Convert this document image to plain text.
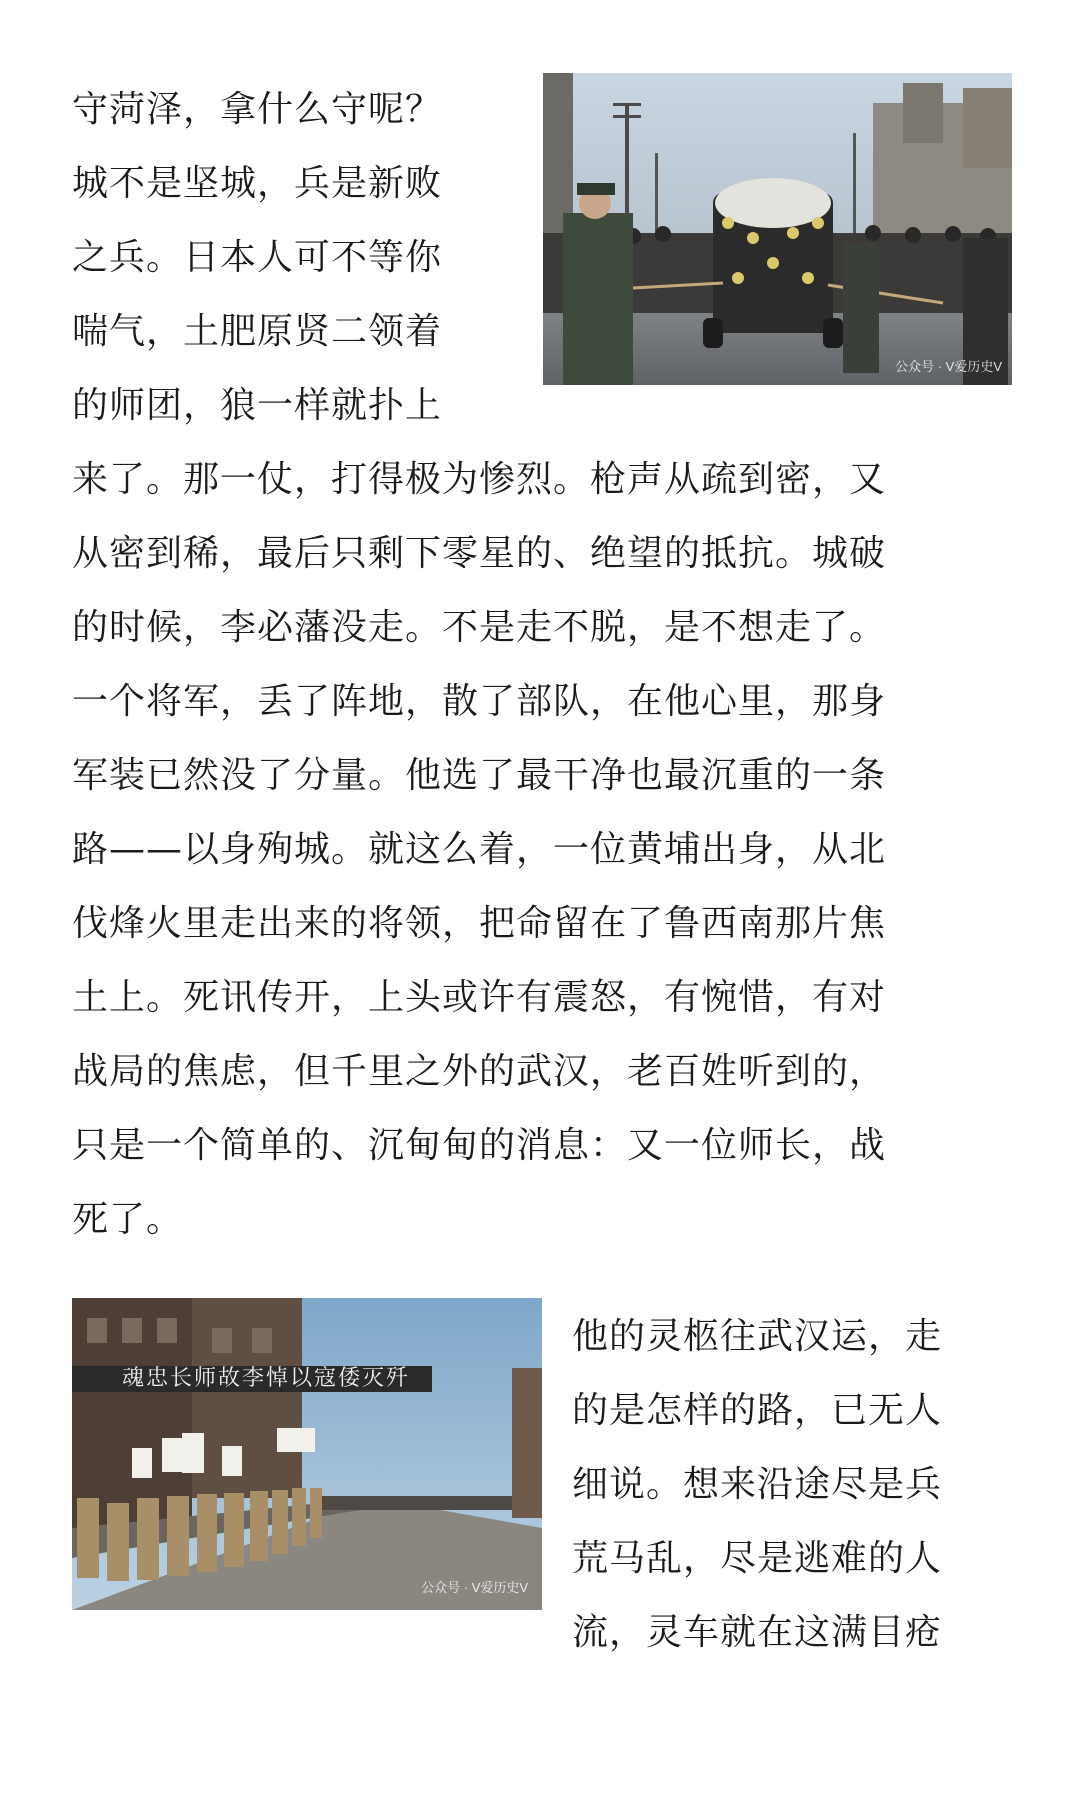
守菏泽，拿什么守呢？
城不是坚城，兵是新败
之兵。日本人可不等你
喘气，土肥原贤二领着
的师团，狼一样就扑上

公众号 · V爱历史V

来了。那一仗，打得极为惨烈。枪声从疏到密，又
从密到稀，最后只剩下零星的、绝望的抵抗。城破
的时候，李必藩没走。不是走不脱，是不想走了。
一个将军，丢了阵地，散了部队，在他心里，那身
军装已然没了分量。他选了最干净也最沉重的一条
路——以身殉城。就这么着，一位黄埔出身，从北
伐烽火里走出来的将领，把命留在了鲁西南那片焦
土上。死讯传开，上头或许有震怒，有惋惜，有对
战局的焦虑，但千里之外的武汉，老百姓听到的，
只是一个简单的、沉甸甸的消息：又一位师长，战
死了。

魂忠长师故李悼以寇倭灭歼
公众号 · V爱历史V

他的灵柩往武汉运，走
的是怎样的路，已无人
细说。想来沿途尽是兵
荒马乱，尽是逃难的人
流，灵车就在这满目疮
